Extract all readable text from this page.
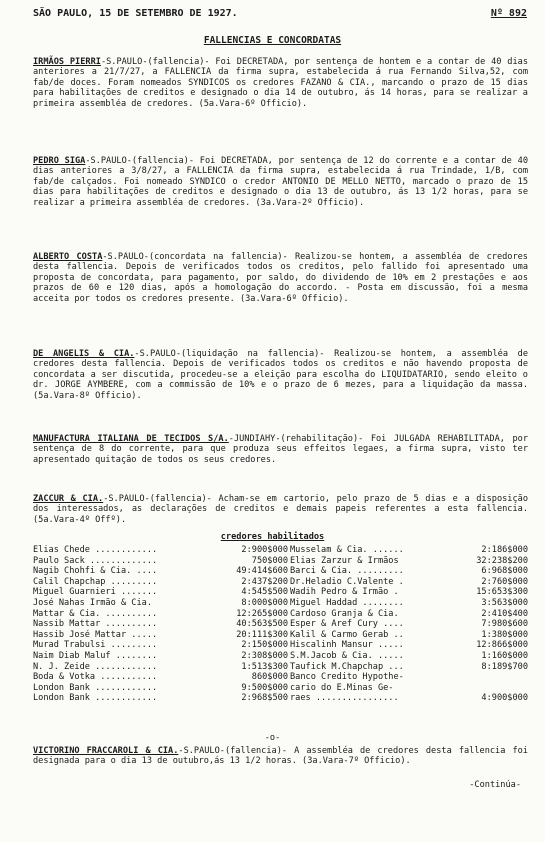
SÃO PAULO, 15 DE SETEMBRO DE 1927.	Nº 892
FALLENCIAS E CONCORDATAS
IRMÃOS PIERRI-S.PAULO-(fallencia)- Foi DECRETADA, por sentença de hontem e a contar de 40 dias anteriores a 21/7/27, a FALLENCIA da firma supra, estabelecida á rua Fernando Silva,52, com fab/de doces. Foram nomeados SYNDICOS os credores FAZANO & CIA., marcando o prazo de 15 dias para habilitações de creditos e designado o dia 14 de outubro, ás 14 horas, para se realizar a primeira assembléa de credores. (5a.Vara-6º Officio).
PEDRO SIGA-S.PAULO-(fallencia)- Foi DECRETADA, por sentença de 12 do corrente e a contar de 40 dias anteriores a 3/8/27, a FALLENCIA da firma supra, estabelecida á rua Trindade, 1/B, com fab/de calçados. Foi nomeado SYNDICO o credor ANTONIO DE MELLO NETTO, marcado o prazo de 15 dias para habilitações de creditos e designado o dia 13 de outubro, ás 13 1/2 horas, para se realizar a primeira assembléa de credores. (3a.Vara-2º Officio).
ALBERTO COSTA-S.PAULO-(concordata na fallencia)- Realizou-se hontem, a assembléa de credores desta fallencia. Depois de verificados todos os creditos, pelo fallido foi apresentado uma proposta de concordata, para pagamento, por saldo, do dividendo de 10% em 2 prestações e aos prazos de 60 e 120 dias, após a homologação do accordo. - Posta em discussão, foi a mesma acceita por todos os credores presente. (3a.Vara-6º Officio).
DE ANGELIS & CIA.-S.PAULO-(liquidação na fallencia)- Realizou-se hontem, a assembléa de credores desta fallencia. Depois de verificados todos os creditos e não havendo proposta de concordata a ser discutida, procedeu-se a eleição para escolha do LIQUIDATARIO, sendo eleito o dr. JORGE AYMBERE, com a commissão de 10% e o prazo de 6 mezes, para a liquidação da massa. (5a.Vara-8º Officio).
MANUFACTURA ITALIANA DE TECIDOS S/A.-JUNDIAHY-(rehabilitação)- Foi JULGADA REHABILITADA, por sentença de 8 do corrente, para que produza seus effeitos legaes, a firma supra, visto ter apresentado quitação de todos os seus credores.
ZACCUR & CIA.-S.PAULO-(fallencia)- Acham-se em cartorio, pelo prazo de 5 dias e a disposição dos interessados, as declarações de creditos e demais papeis referentes a esta fallencia. (5a.Vara-4º Offº).
credores habilitados
Elias Chede ............	2:900$000
Paulo Sack .............	750$000
Nagib Chohfi & Cia. ....	49:414$600
Calil Chapchap .........	2:437$200
Miguel Guarnieri .......	4:545$500
José Nahas Irmão & Cia.	8:000$000
Mattar & Cia. ..........	12:265$000
Nassib Mattar ..........	40:563$500
Hassib José Mattar .....	20:111$300
Murad Trabulsi .........	2:150$000
Naim Diab Maluf ........	2:308$000
N. J. Zeide ............	1:513$300
Boda & Votka ...........	860$000
London Bank ............	9:500$000
London Bank ............	2:968$500
Musselam & Cia. ......	2:186$000
Elias Zarzur & Irmãos	32:238$200
Barci & Cia. .........	6:968$000
Dr.Heladio C.Valente .	2:760$000
Wadih Pedro & Irmão .	15:653$300
Miguel Haddad ........	3:563$000
Cardoso Granja & Cia.	2:410$400
Esper & Aref Cury ....	7:980$600
Kalil & Carmo Gerab ..	1:380$000
Hiscalinh Mansur .....	12:866$000
S.M.Jacob & Cia. .....	1:160$000
Taufick M.Chapchap ...	8:189$700
Banco Credito Hypothe-
cario do E.Minas Ge-
raes ................	4:900$000
-o-
VICTORINO FRACCAROLI & CIA.-S.PAULO-(fallencia)- A assembléa de credores desta fallencia foi designada para o dia 13 de outubro,ás 13 1/2 horas. (3a.Vara-7º Officio).
-Continúa-
